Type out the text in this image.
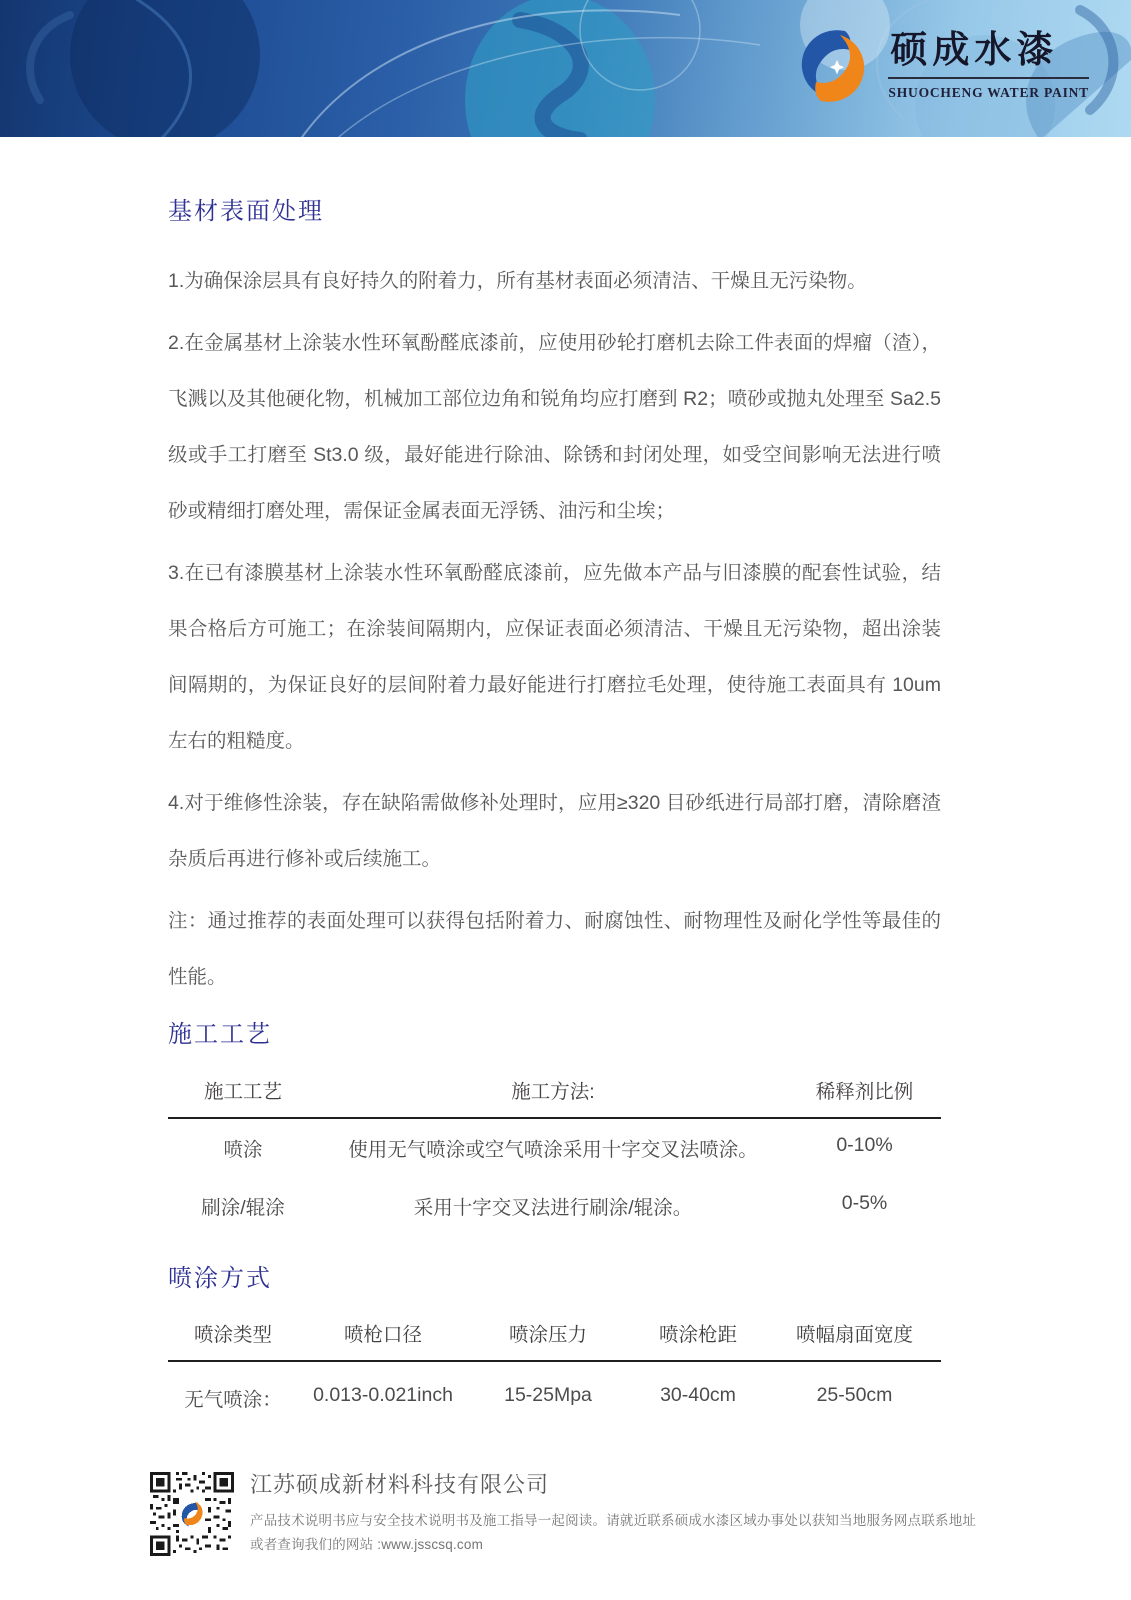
硕成水漆
SHUOCHENG WATER PAINT
基材表面处理

1.为确保涂层具有良好持久的附着力，所有基材表面必须清洁、干燥且无污染物。

2.在金属基材上涂装水性环氧酚醛底漆前，应使用砂轮打磨机去除工件表面的焊瘤（渣），飞溅以及其他硬化物，机械加工部位边角和锐角均应打磨到 R2；喷砂或抛丸处理至 Sa2.5 级或手工打磨至 St3.0 级，最好能进行除油、除锈和封闭处理，如受空间影响无法进行喷砂或精细打磨处理，需保证金属表面无浮锈、油污和尘埃；

3.在已有漆膜基材上涂装水性环氧酚醛底漆前，应先做本产品与旧漆膜的配套性试验，结果合格后方可施工；在涂装间隔期内，应保证表面必须清洁、干燥且无污染物，超出涂装间隔期的，为保证良好的层间附着力最好能进行打磨拉毛处理，使待施工表面具有 10um 左右的粗糙度。

4.对于维修性涂装，存在缺陷需做修补处理时，应用≥320 目砂纸进行局部打磨，清除磨渣杂质后再进行修补或后续施工。

注：通过推荐的表面处理可以获得包括附着力、耐腐蚀性、耐物理性及耐化学性等最佳的性能。

施工工艺
施工工艺	施工方法:	稀释剂比例
喷涂	使用无气喷涂或空气喷涂采用十字交叉法喷涂。	0-10%
刷涂/辊涂	采用十字交叉法进行刷涂/辊涂。	0-5%
喷涂方式
喷涂类型	喷枪口径	喷涂压力	喷涂枪距	喷幅扇面宽度
无气喷涂：	0.013-0.021inch	15-25Mpa	30-40cm	25-50cm
江苏硕成新材料科技有限公司
产品技术说明书应与安全技术说明书及施工指导一起阅读。请就近联系硕成水漆区域办事处以获知当地服务网点联系地址
或者查询我们的网站 :www.jsscsq.com
